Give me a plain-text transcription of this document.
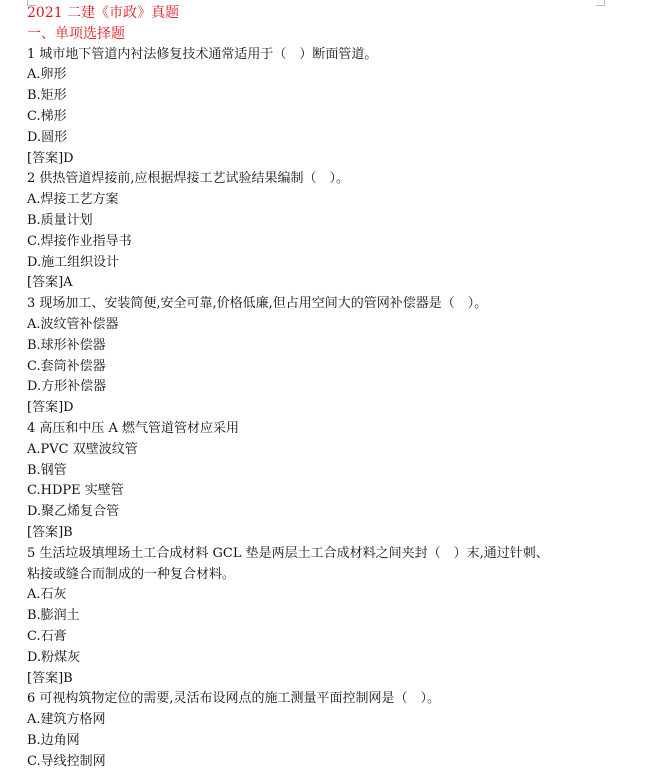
2021 二建《市政》真题
一、单项选择题
1 城市地下管道内衬法修复技术通常适用于（　）断面管道。
A.卵形
B.矩形
C.梯形
D.圆形
[答案]D
2 供热管道焊接前,应根据焊接工艺试验结果编制（　）。
A.焊接工艺方案
B.质量计划
C.焊接作业指导书
D.施工组织设计
[答案]A
3 现场加工、安装简便,安全可靠,价格低廉,但占用空间大的管网补偿器是（　）。
A.波纹管补偿器
B.球形补偿器
C.套筒补偿器
D.方形补偿器
[答案]D
4 高压和中压 A 燃气管道管材应采用
A.PVC 双壁波纹管
B.钢管
C.HDPE 实壁管
D.聚乙烯复合管
[答案]B
5 生活垃圾填埋场土工合成材料 GCL 垫是两层土工合成材料之间夹封（　）末,通过针刺、
粘接或缝合而制成的一种复合材料。
A.石灰
B.膨润土
C.石膏
D.粉煤灰
[答案]B
6 可视构筑物定位的需要,灵活布设网点的施工测量平面控制网是（　）。
A.建筑方格网
B.边角网
C.导线控制网
